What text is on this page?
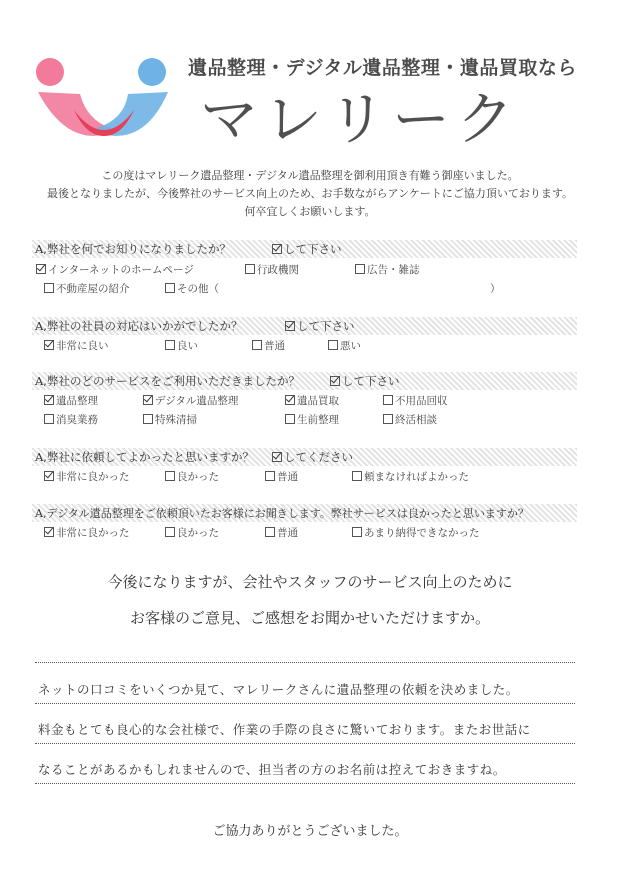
遺品整理・デジタル遺品整理・遺品買取なら
マレリーク
この度はマレリーク遺品整理・デジタル遺品整理を御利用頂き有難う御座いました。
最後となりましたが、今後弊社のサービス向上のため、お手数ながらアンケートにご協力頂いております。
何卒宜しくお願いします。
A,弊社を何でお知りになりましたか？	して下さい
インターネットのホームページ	行政機関	広告・雑誌
不動産屋の紹介	その他（	）
A,弊社の社員の対応はいかがでしたか？	して下さい
非常に良い	良い	普通	悪い
A,弊社のどのサービスをご利用いただきましたか？	して下さい
遺品整理	デジタル遺品整理	遺品買取	不用品回収
消臭業務	特殊清掃	生前整理	終活相談
A,弊社に依頼してよかったと思いますか？	してください
非常に良かった	良かった	普通	頼まなければよかった
A,デジタル遺品整理をご依頼頂いたお客様にお聞きします。弊社サービスは良かったと思いますか？
非常に良かった	良かった	普通	あまり納得できなかった
今後になりますが、会社やスタッフのサービス向上のために
お客様のご意見、ご感想をお聞かせいただけますか。
ネットの口コミをいくつか見て、マレリークさんに遺品整理の依頼を決めました。
料金もとても良心的な会社様で、作業の手際の良さに驚いております。またお世話に
なることがあるかもしれませんので、担当者の方のお名前は控えておきますね。
ご協力ありがとうございました。
